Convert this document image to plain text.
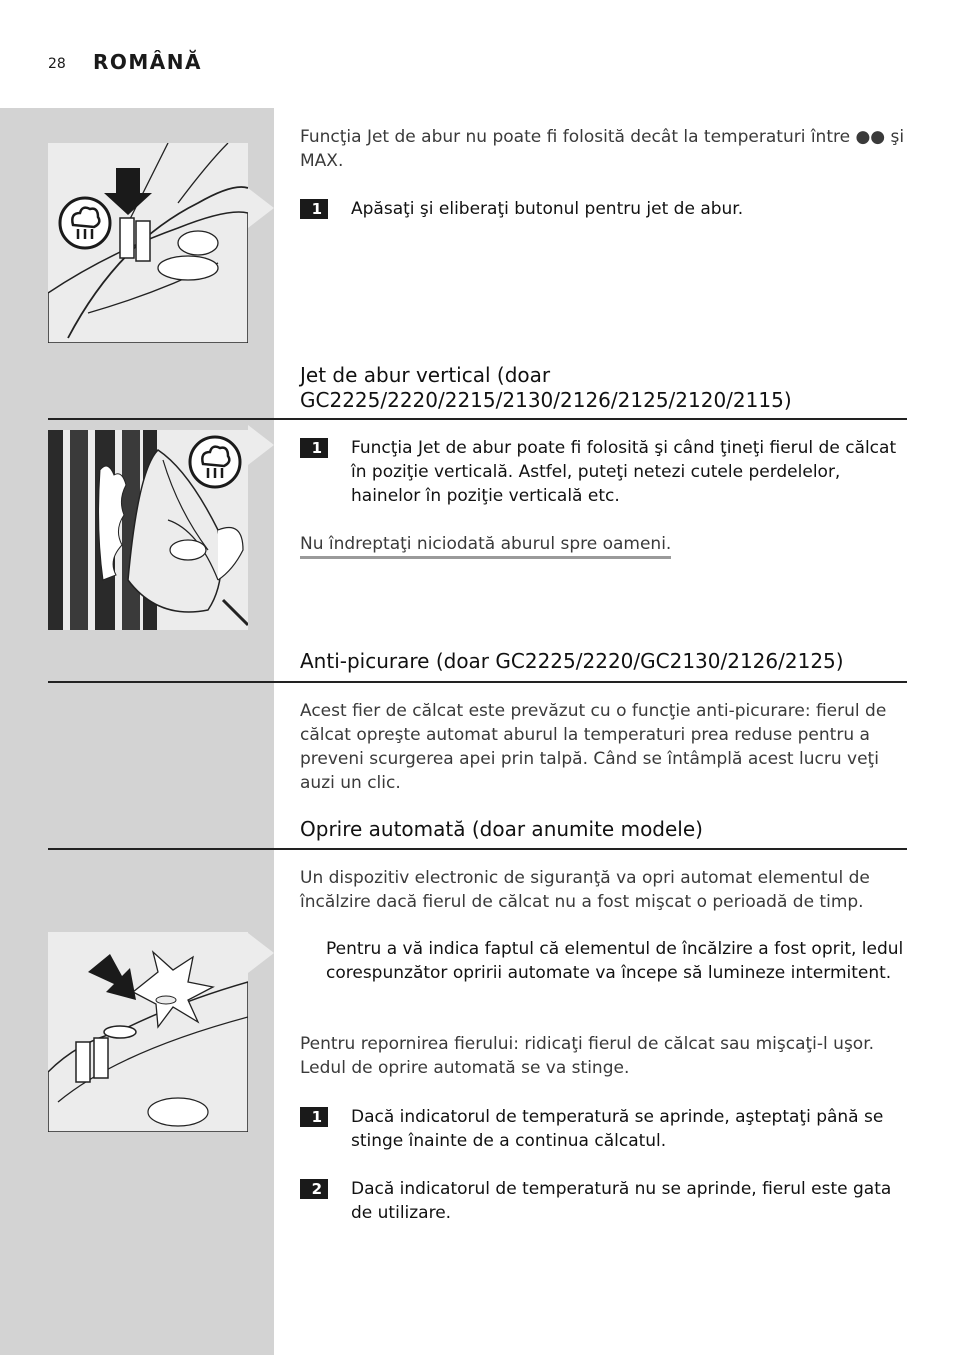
28 ROMÂNĂ

Funcţia Jet de abur nu poate fi folosită decât la temperaturi între ●● şi MAX.

1	Apăsaţi şi eliberaţi butonul pentru jet de abur.
Jet de abur vertical (doar GC2225/2220/2215/2130/2126/2125/2120/2115)
1	Funcţia Jet de abur poate fi folosită şi când ţineţi fierul de călcat în poziţie verticală. Astfel, puteţi netezi cutele perdelelor, hainelor în poziţie verticală etc.
Nu îndreptaţi niciodată aburul spre oameni.
Anti-picurare (doar GC2225/2220/GC2130/2126/2125)

Acest fier de călcat este prevăzut cu o funcţie anti-picurare: fierul de călcat opreşte automat aburul la temperaturi prea reduse pentru a preveni scurgerea apei prin talpă. Când se întâmplă acest lucru veţi auzi un clic.

Oprire automată (doar anumite modele)

Un dispozitiv electronic de siguranţă va opri automat elementul de încălzire dacă fierul de călcat nu a fost mişcat o perioadă de timp.

Pentru a vă indica faptul că elementul de încălzire a fost oprit, ledul corespunzător opririi automate va începe să lumineze intermitent.

Pentru repornirea fierului: ridicaţi fierul de călcat sau mişcaţi-l uşor. Ledul de oprire automată se va stinge.

1	Dacă indicatorul de temperatură se aprinde, aşteptaţi până se stinge înainte de a continua călcatul.
2	Dacă indicatorul de temperatură nu se aprinde, fierul este gata de utilizare.
